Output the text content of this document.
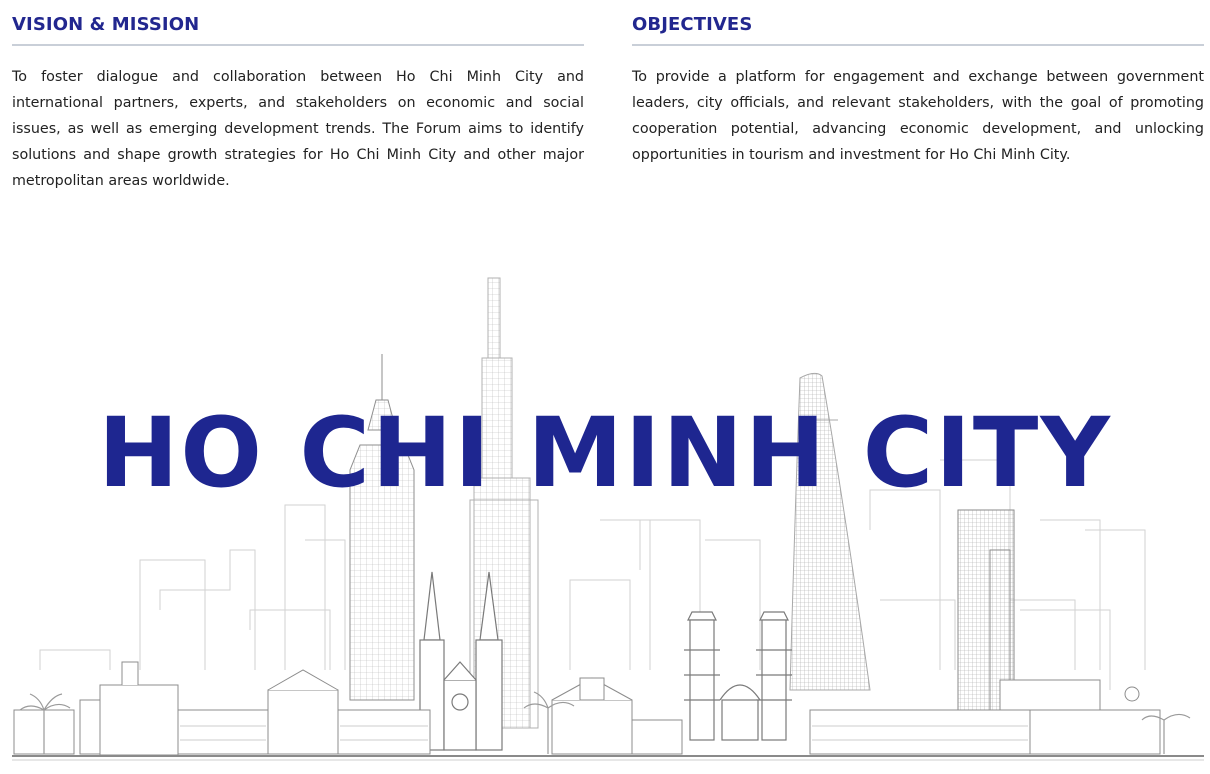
VISION & MISSION

To foster dialogue and collaboration between Ho Chi Minh City and international partners, experts, and stakeholders on economic and social issues, as well as emerging development trends. The Forum aims to identify solutions and shape growth strategies for Ho Chi Minh City and other major metropolitan areas worldwide.

OBJECTIVES

To provide a platform for engagement and exchange between government leaders, city officials, and relevant stakeholders, with the goal of promoting cooperation potential, advancing economic development, and unlocking opportunities in tourism and investment for Ho Chi Minh City.

HO CHI MINH CITY
